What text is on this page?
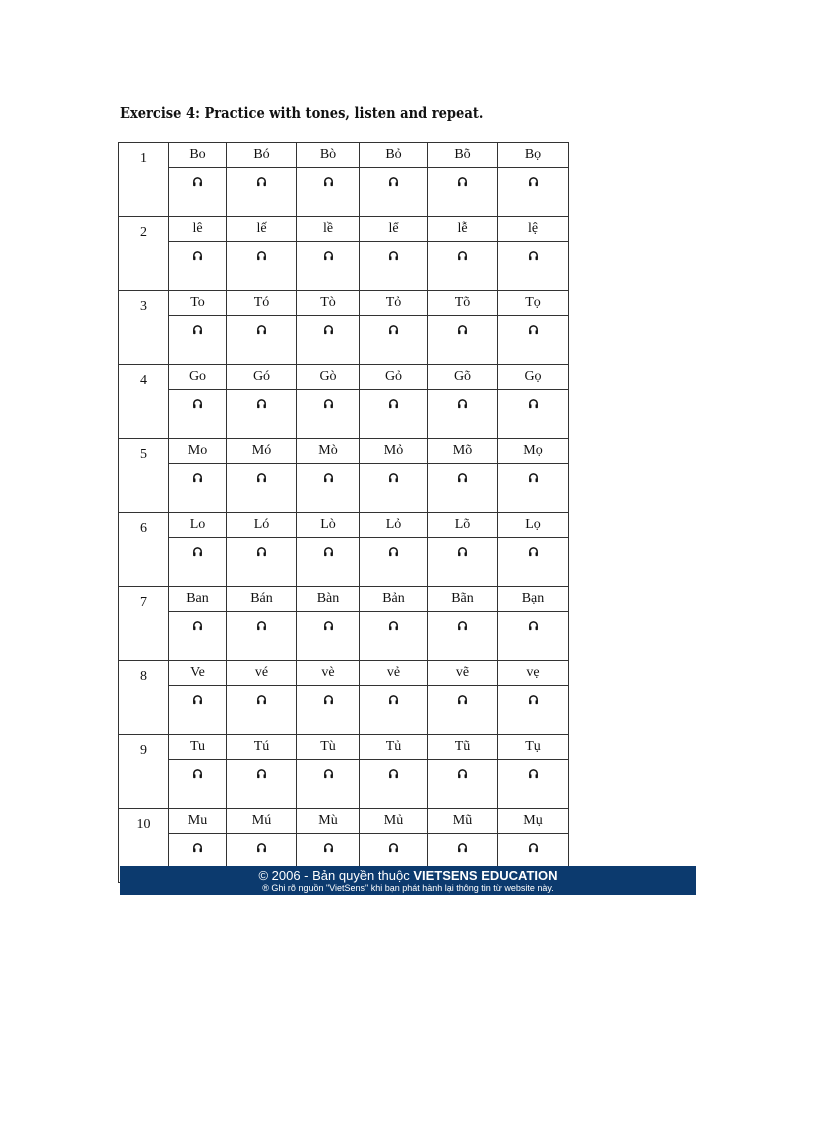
Exercise 4: Practice with tones, listen and repeat.
1	Bo	Bó	Bò	Bỏ	Bõ	Bọ

2	lê	lế	lề	lể	lễ	lệ

3	To	Tó	Tò	Tỏ	Tõ	Tọ

4	Go	Gó	Gò	Gỏ	Gõ	Gọ

5	Mo	Mó	Mò	Mỏ	Mõ	Mọ

6	Lo	Ló	Lò	Lỏ	Lõ	Lọ

7	Ban	Bán	Bàn	Bản	Bãn	Bạn

8	Ve	vé	vè	vẻ	vẽ	vẹ

9	Tu	Tú	Tù	Tủ	Tũ	Tụ

10	Mu	Mú	Mù	Mủ	Mũ	Mụ

© 2006 - Bản quyền thuộc VIETSENS EDUCATION
® Ghi rõ nguồn "VietSens" khi bạn phát hành lại thông tin từ website này.
